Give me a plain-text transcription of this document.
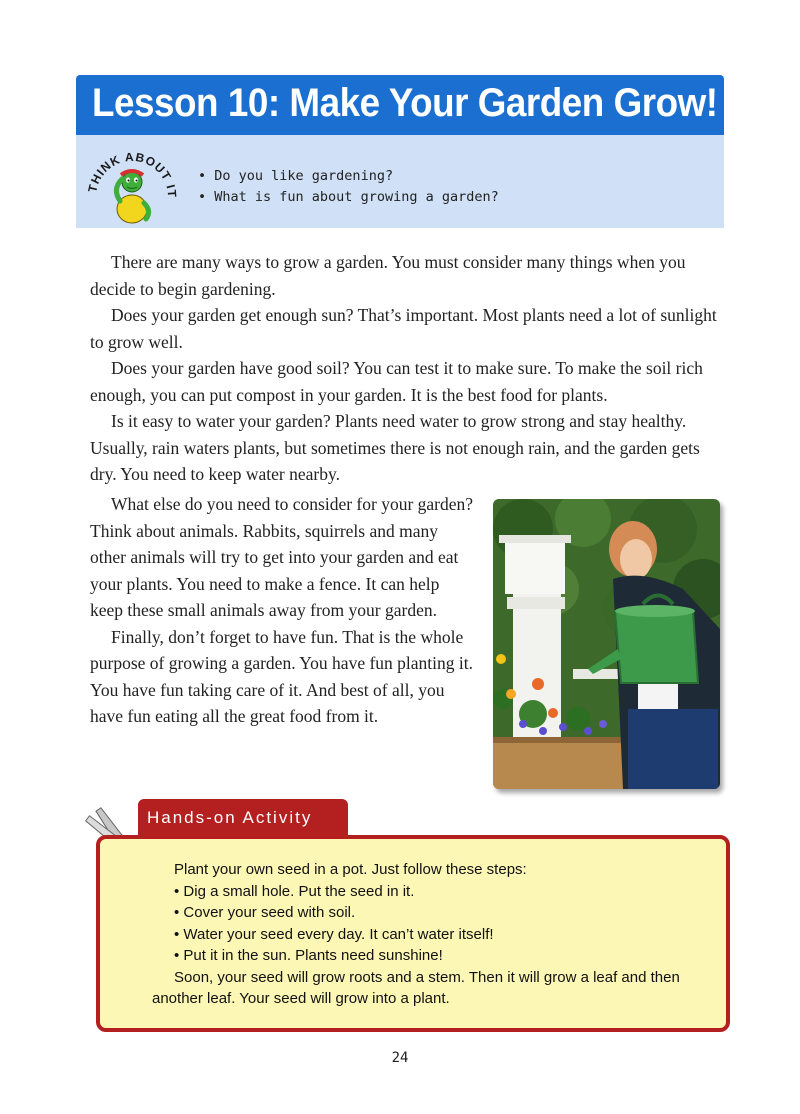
Lesson 10: Make Your Garden Grow!
THINK ABOUT IT
• Do you like gardening?
• What is fun about growing a garden?

There are many ways to grow a garden. You must consider many things when you decide to begin gardening.

Does your garden get enough sun? That’s important. Most plants need a lot of sunlight to grow well.

Does your garden have good soil? You can test it to make sure. To make the soil rich enough, you can put compost in your garden. It is the best food for plants.

Is it easy to water your garden? Plants need water to grow strong and stay healthy. Usually, rain waters plants, but sometimes there is not enough rain, and the garden gets dry. You need to keep water nearby.

What else do you need to consider for your garden? Think about animals. Rabbits, squirrels and many other animals will try to get into your garden and eat your plants. You need to make a fence. It can help keep these small animals away from your garden.

Finally, don’t forget to have fun. That is the whole purpose of growing a garden. You have fun planting it. You have fun taking care of it. And best of all, you have fun eating all the great food from it.

Hands-on Activity

Plant your own seed in a pot. Just follow these steps:

• Dig a small hole. Put the seed in it.

• Cover your seed with soil.

• Water your seed every day. It can’t water itself!

• Put it in the sun. Plants need sunshine!

Soon, your seed will grow roots and a stem. Then it will grow a leaf and then another leaf. Your seed will grow into a plant.

24
